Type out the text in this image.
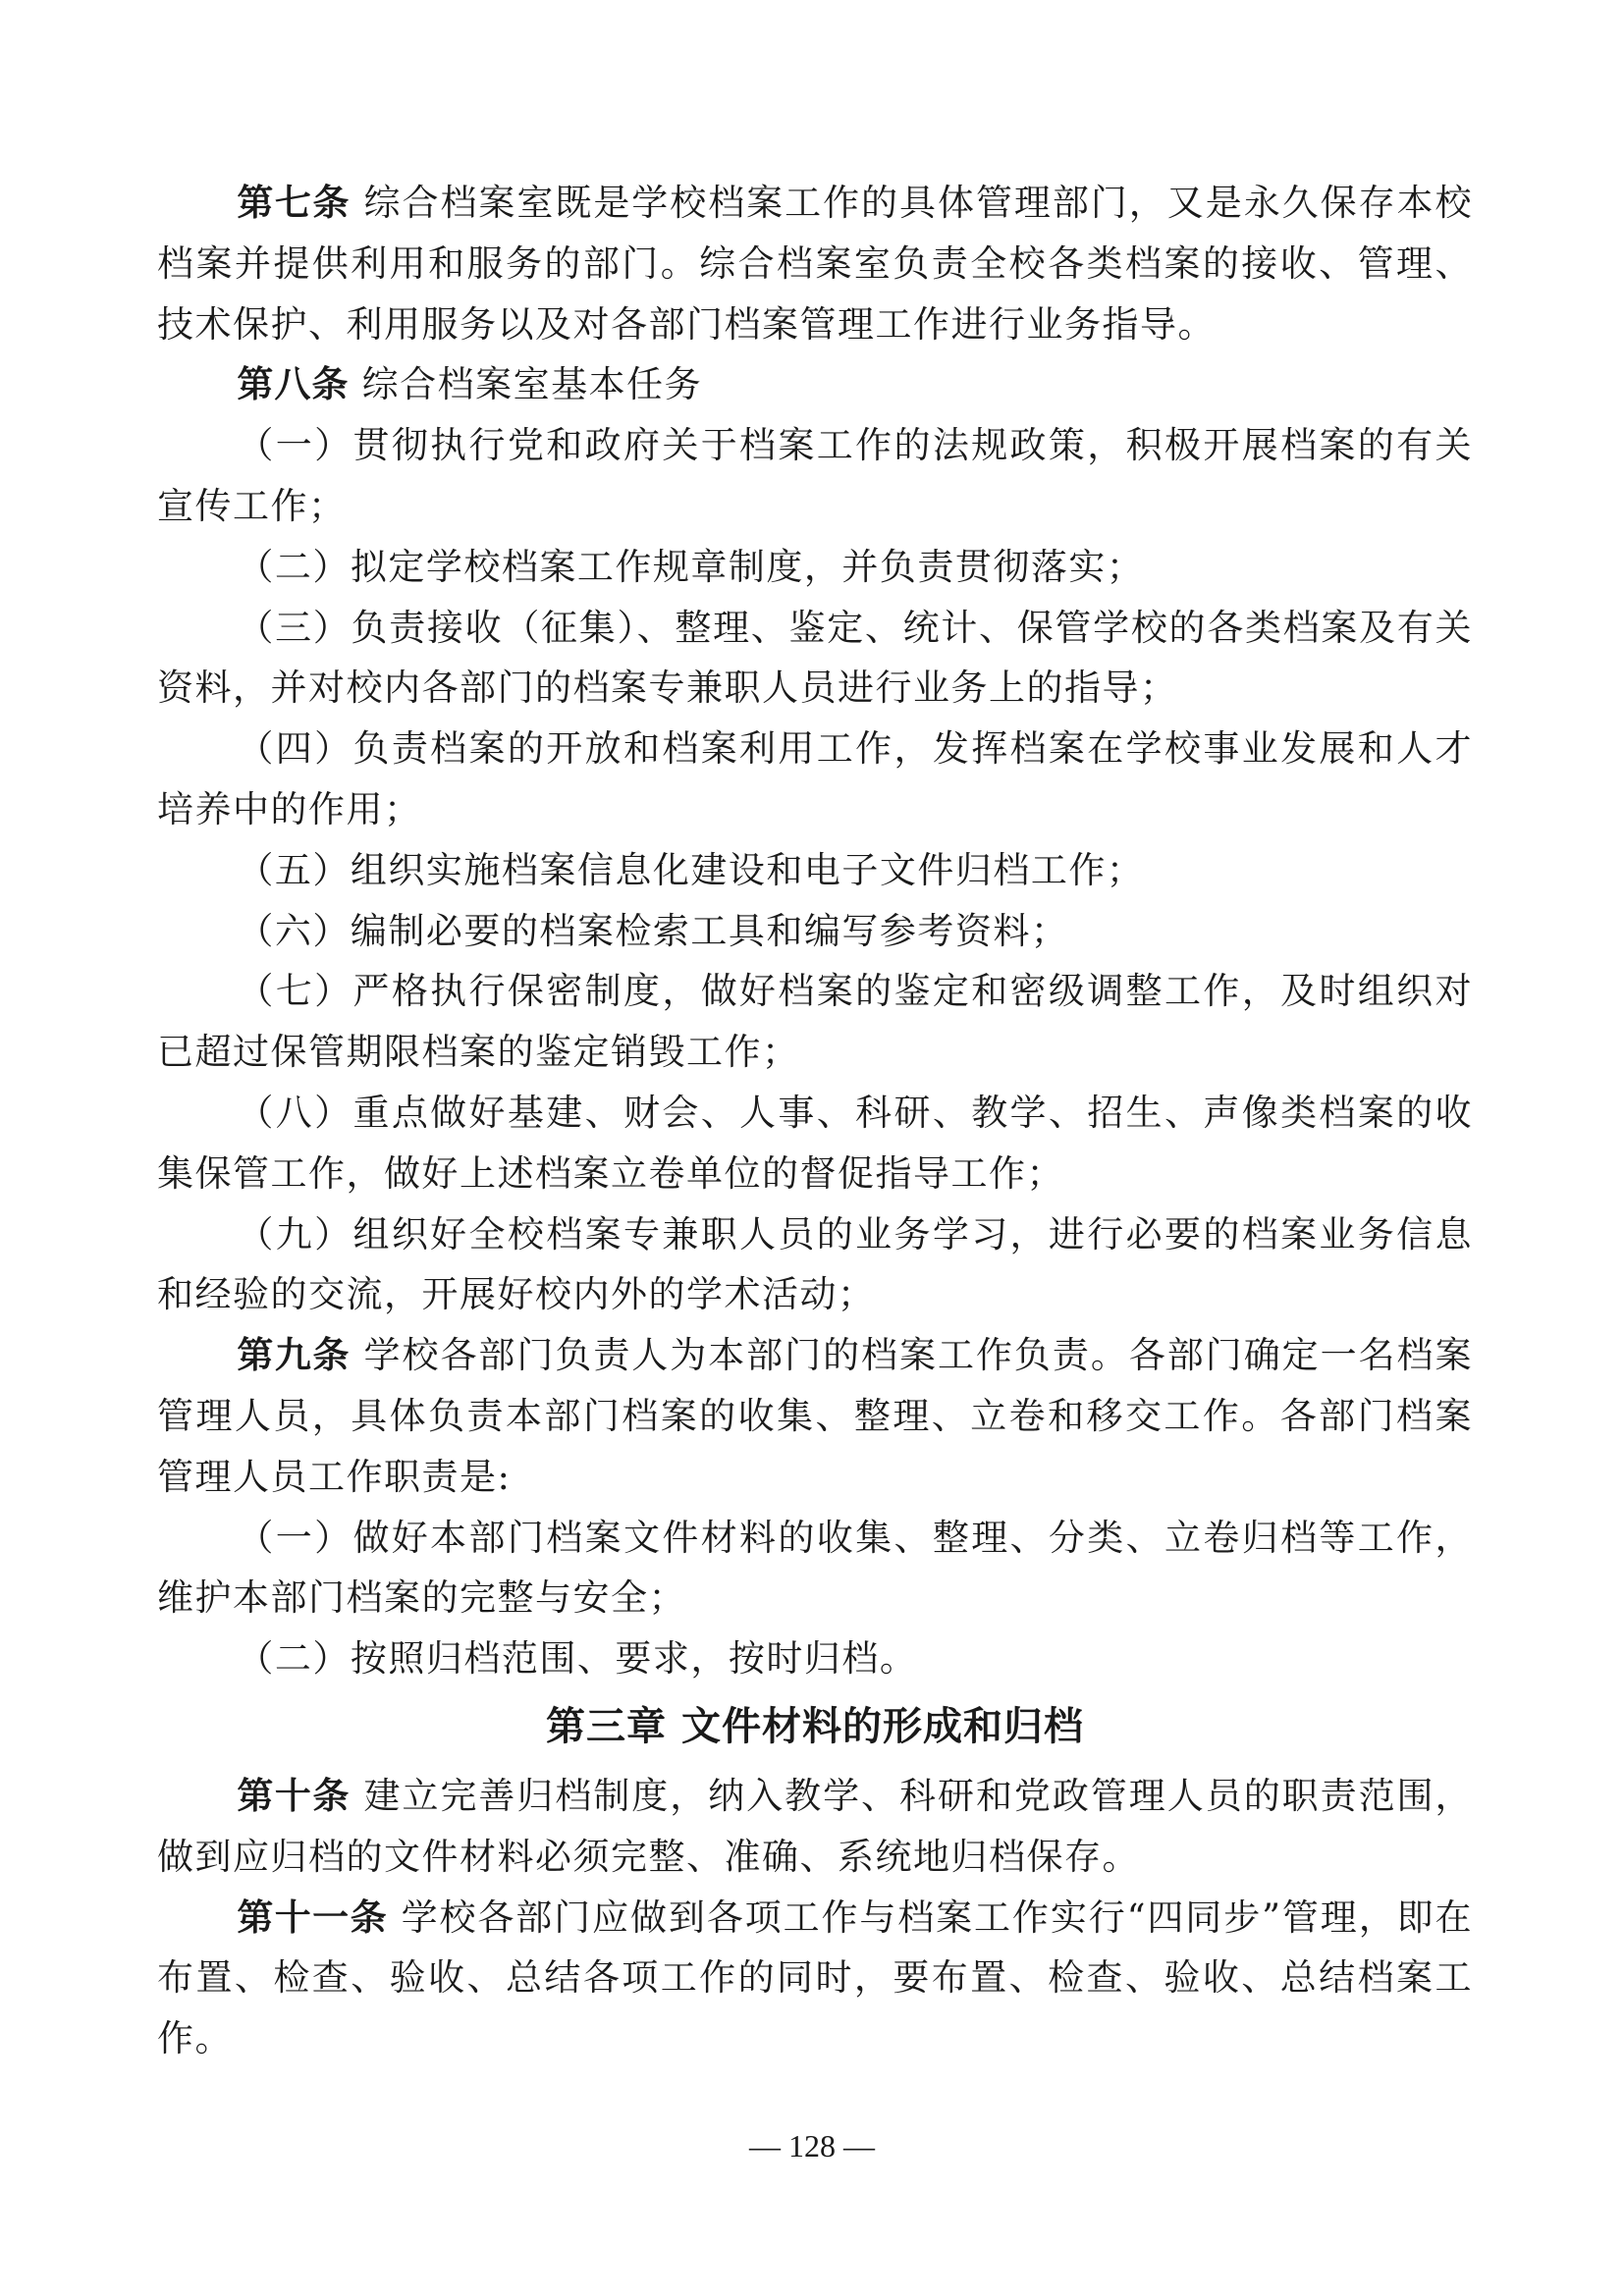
第七条 综合档案室既是学校档案工作的具体管理部门，又是永久保存本校档案并提供利用和服务的部门。综合档案室负责全校各类档案的接收、管理、技术保护、利用服务以及对各部门档案管理工作进行业务指导。

第八条 综合档案室基本任务

（一）贯彻执行党和政府关于档案工作的法规政策，积极开展档案的有关宣传工作；

（二）拟定学校档案工作规章制度，并负责贯彻落实；

（三）负责接收（征集）、整理、鉴定、统计、保管学校的各类档案及有关资料，并对校内各部门的档案专兼职人员进行业务上的指导；

（四）负责档案的开放和档案利用工作，发挥档案在学校事业发展和人才培养中的作用；

（五）组织实施档案信息化建设和电子文件归档工作；

（六）编制必要的档案检索工具和编写参考资料；

（七）严格执行保密制度，做好档案的鉴定和密级调整工作，及时组织对已超过保管期限档案的鉴定销毁工作；

（八）重点做好基建、财会、人事、科研、教学、招生、声像类档案的收集保管工作，做好上述档案立卷单位的督促指导工作；

（九）组织好全校档案专兼职人员的业务学习，进行必要的档案业务信息和经验的交流，开展好校内外的学术活动；

第九条 学校各部门负责人为本部门的档案工作负责。各部门确定一名档案管理人员，具体负责本部门档案的收集、整理、立卷和移交工作。各部门档案管理人员工作职责是:

（一）做好本部门档案文件材料的收集、整理、分类、立卷归档等工作，维护本部门档案的完整与安全；

（二）按照归档范围、要求，按时归档。

第三章 文件材料的形成和归档

第十条 建立完善归档制度，纳入教学、科研和党政管理人员的职责范围，做到应归档的文件材料必须完整、准确、系统地归档保存。

第十一条 学校各部门应做到各项工作与档案工作实行“四同步”管理，即在布置、检查、验收、总结各项工作的同时，要布置、检查、验收、总结档案工作。

— 128 —
